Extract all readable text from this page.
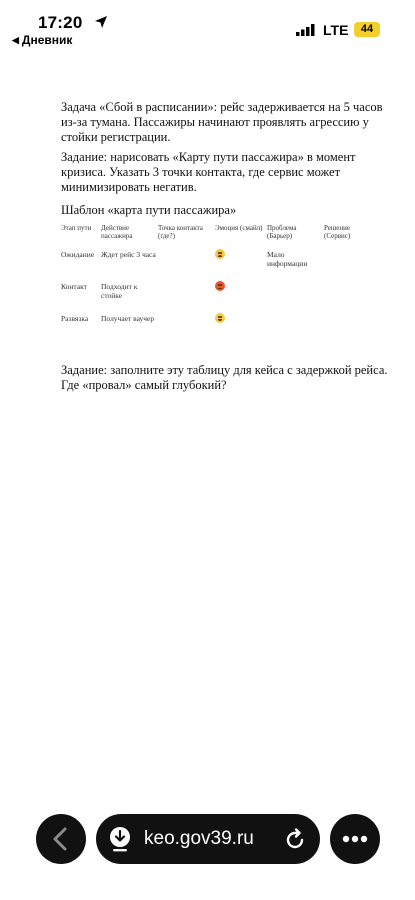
17:20
◀ Дневник
LTE	44

Задача «Сбой в расписании»: рейс задерживается на 5 часов из-за тумана. Пассажиры начинают проявлять агрессию у стойки регистрации.

Задание: нарисовать «Карту пути пассажира» в момент кризиса. Указать 3 точки контакта, где сервис может минимизировать негатив.

Шаблон «карта пути пассажира»
Этап пути	Действие пассажира	Точка контакта (где?)	Эмоция (смайл)	Проблема (Барьер)	Решение (Сервис)
Ожидание	Ждет рейс 3 часа			Мало информации	
Контакт	Подходит к стойке		

Развязка	Получает ваучер		

Задание: заполните эту таблицу для кейса с задержкой рейса. Где «провал» самый глубокий?

keo.gov39.ru
